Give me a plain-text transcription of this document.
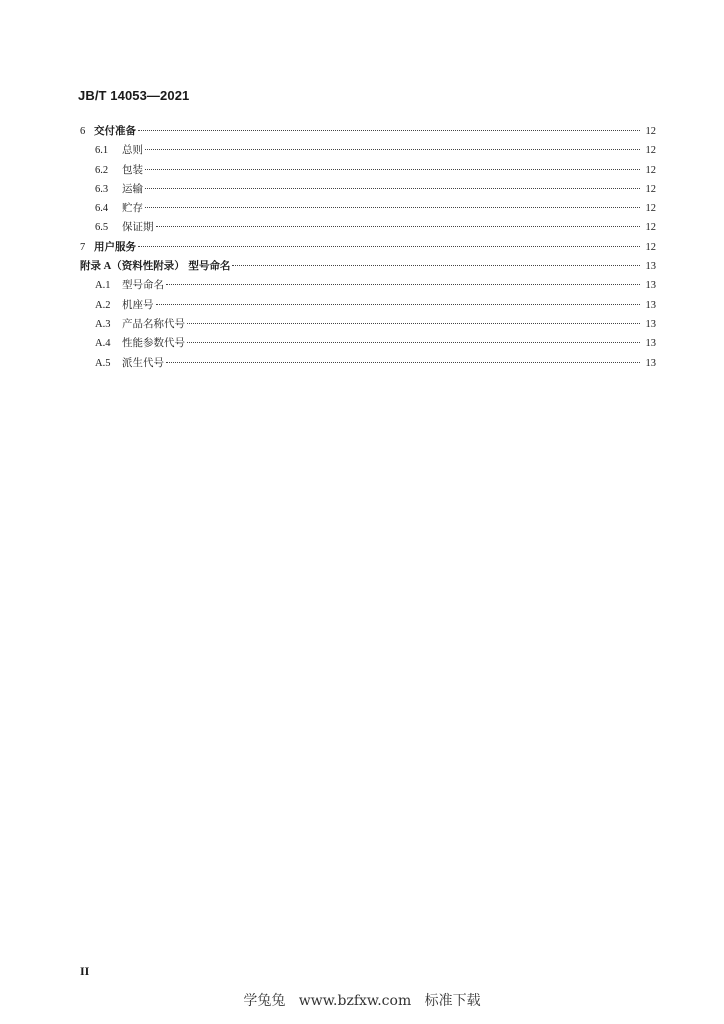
JB/T 14053—2021
6 交付准备	12
6.1	总则	12
6.2	包装	12
6.3	运输	12
6.4	贮存	12
6.5	保证期	12
7 用户服务	12
附录 A （资料性附录） 型号命名	13
A.1	型号命名	13
A.2	机座号	13
A.3	产品名称代号	13
A.4	性能参数代号	13
A.5	派生代号	13
II
学兔兔 www.bzfxw.com 标准下载
